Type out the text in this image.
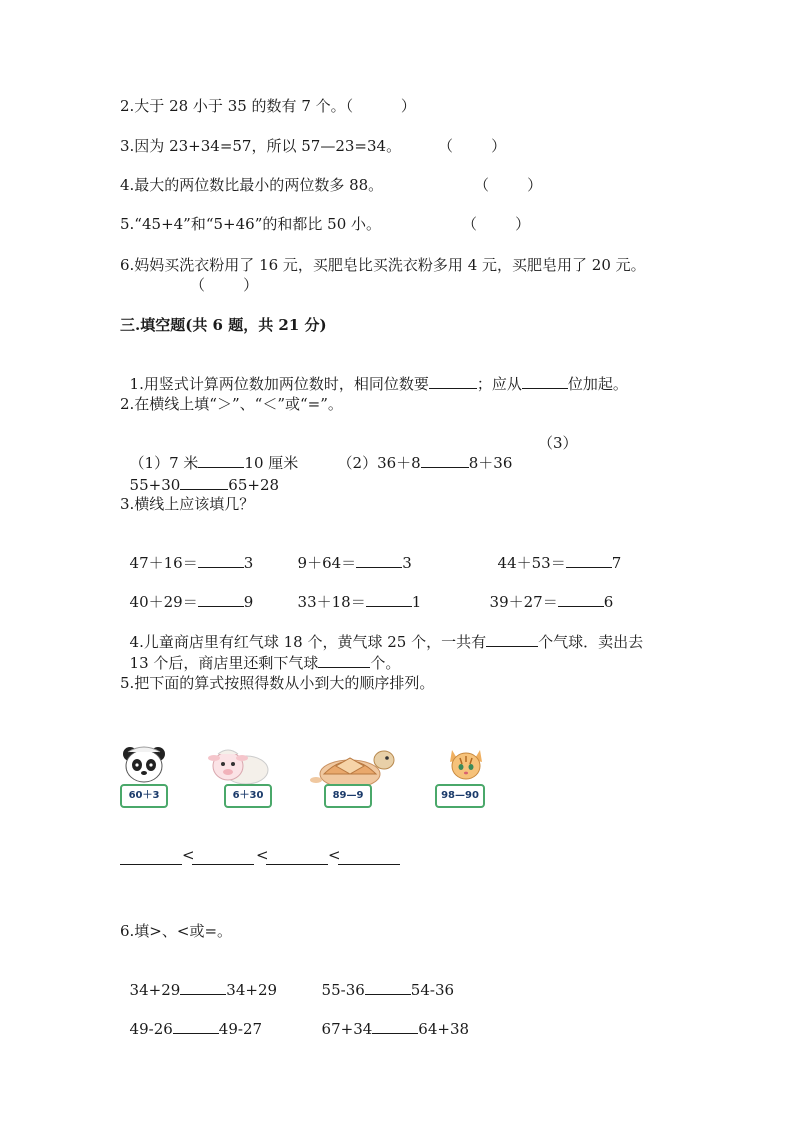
2.大于 28 小于 35 的数有 7 个。（          ）
3.因为 23+34=57，所以 57—23=34。 （        ）
4.最大的两位数比最小的两位数多 88。	（        ）
5.“45+4”和“5+46”的和都比 50 小。	（        ）
6.妈妈买洗衣粉用了 16 元，买肥皂比买洗衣粉多用 4 元，买肥皂用了 20 元。
（        ）
三.填空题(共 6 题，共 21 分)

1.用竖式计算两位数加两位数时，相同位数要	；应从	位加起。

2.在横线上填“＞”、“＜”或“=”。

（1）7 米	10 厘米	（2）36＋8	8＋36

（3）

55+30	65+28

3.横线上应该填几？

47＋16＝	3	9＋64＝	3	44＋53＝	7

40＋29＝	9	33＋18＝	1	39＋27＝	6

4.儿童商店里有红气球 18 个，黄气球 25 个，一共有	个气球．卖出去

13 个后，商店里还剩下气球	个。

5.把下面的算式按照得数从小到大的顺序排列。
60＋3	6＋30	89—9	98—90
<	<	<
6.填>、<或=。

34+29	34+29	55-36	54-36

49-26	49-27	67+34	64+38
